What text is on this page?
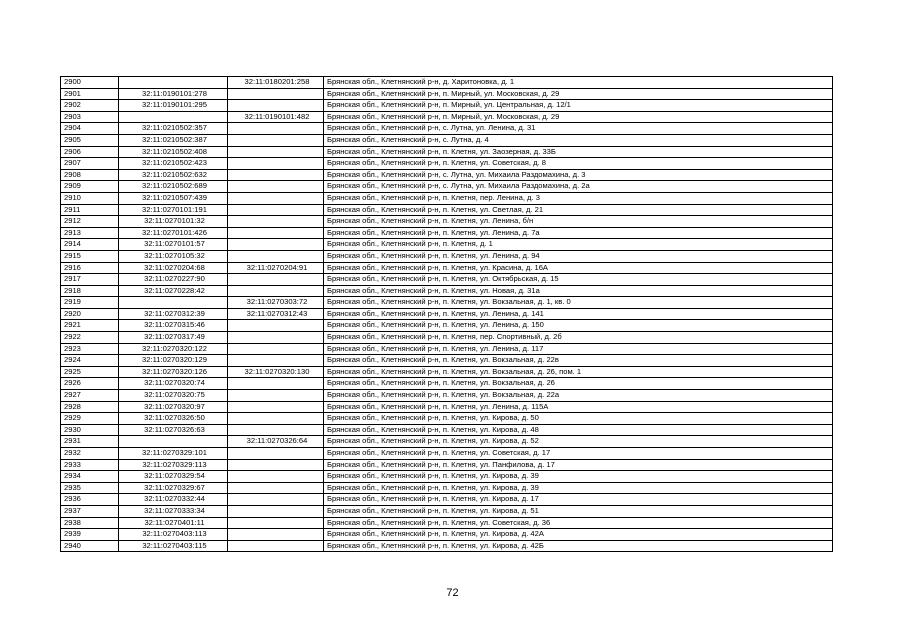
2900		32:11:0180201:258	Брянская обл., Клетнянский р-н, д. Харитоновка, д. 1
2901	32:11:0190101:278		Брянская обл., Клетнянский р-н, п. Мирный, ул. Московская, д. 29
2902	32:11:0190101:295		Брянская обл., Клетнянский р-н, п. Мирный, ул. Центральная, д. 12/1
2903		32:11:0190101:482	Брянская обл., Клетнянский р-н, п. Мирный, ул. Московская, д. 29
2904	32:11:0210502:357		Брянская обл., Клетнянский р-н, с. Лутна, ул. Ленина, д. 31
2905	32:11:0210502:387		Брянская обл., Клетнянский р-н, с. Лутна, д. 4
2906	32:11:0210502:408		Брянская обл., Клетнянский р-н, п. Клетня, ул. Заозерная, д. 33Б
2907	32:11:0210502:423		Брянская обл., Клетнянский р-н, п. Клетня, ул. Советская, д. 8
2908	32:11:0210502:632		Брянская обл., Клетнянский р-н, с. Лутна, ул. Михаила Раздомахина, д. 3
2909	32:11:0210502:689		Брянская обл., Клетнянский р-н, с. Лутна, ул. Михаила Раздомахина, д. 2а
2910	32:11:0210507:439		Брянская обл., Клетнянский р-н, п. Клетня, пер. Ленина, д. 3
2911	32:11:0270101:191		Брянская обл., Клетнянский р-н, п. Клетня, ул. Светлая, д. 21
2912	32:11:0270101:32		Брянская обл., Клетнянский р-н, п. Клетня, ул. Ленина, б/н
2913	32:11:0270101:426		Брянская обл., Клетнянский р-н, п. Клетня, ул. Ленина, д. 7а
2914	32:11:0270101:57		Брянская обл., Клетнянский р-н, п. Клетня, д. 1
2915	32:11:0270105:32		Брянская обл., Клетнянский р-н, п. Клетня, ул. Ленина, д. 94
2916	32:11:0270204:68	32:11:0270204:91	Брянская обл., Клетнянский р-н, п. Клетня, ул. Красина, д. 16А
2917	32:11:0270227:90		Брянская обл., Клетнянский р-н, п. Клетня, ул. Октябрьская, д. 15
2918	32:11:0270228:42		Брянская обл., Клетнянский р-н, п. Клетня, ул. Новая, д. 31а
2919		32:11:0270303:72	Брянская обл., Клетнянский р-н, п. Клетня, ул. Вокзальная, д. 1, кв. 0
2920	32:11:0270312:39	32:11:0270312:43	Брянская обл., Клетнянский р-н, п. Клетня, ул. Ленина, д. 141
2921	32:11:0270315:46		Брянская обл., Клетнянский р-н, п. Клетня, ул. Ленина, д. 150
2922	32:11:0270317:49		Брянская обл., Клетнянский р-н, п. Клетня, пер. Спортивный, д. 2б
2923	32:11:0270320:122		Брянская обл., Клетнянский р-н, п. Клетня, ул. Ленина, д. 117
2924	32:11:0270320:129		Брянская обл., Клетнянский р-н, п. Клетня, ул. Вокзальная, д. 22в
2925	32:11:0270320:126	32:11:0270320:130	Брянская обл., Клетнянский р-н, п. Клетня, ул. Вокзальная, д. 26, пом. 1
2926	32:11:0270320:74		Брянская обл., Клетнянский р-н, п. Клетня, ул. Вокзальная, д. 26
2927	32:11:0270320:75		Брянская обл., Клетнянский р-н, п. Клетня, ул. Вокзальная, д. 22а
2928	32:11:0270320:97		Брянская обл., Клетнянский р-н, п. Клетня, ул. Ленина, д. 115А
2929	32:11:0270326:50		Брянская обл., Клетнянский р-н, п. Клетня, ул. Кирова, д. 50
2930	32:11:0270326:63		Брянская обл., Клетнянский р-н, п. Клетня, ул. Кирова, д. 48
2931		32:11:0270326:64	Брянская обл., Клетнянский р-н, п. Клетня, ул. Кирова, д. 52
2932	32:11:0270329:101		Брянская обл., Клетнянский р-н, п. Клетня, ул. Советская, д. 17
2933	32:11:0270329:113		Брянская обл., Клетнянский р-н, п. Клетня, ул. Панфилова, д. 17
2934	32:11:0270329:54		Брянская обл., Клетнянский р-н, п. Клетня, ул. Кирова, д. 39
2935	32:11:0270329:67		Брянская обл., Клетнянский р-н, п. Клетня, ул. Кирова, д. 39
2936	32:11:0270332:44		Брянская обл., Клетнянский р-н, п. Клетня, ул. Кирова, д. 17
2937	32:11:0270333:34		Брянская обл., Клетнянский р-н, п. Клетня, ул. Кирова, д. 51
2938	32:11:0270401:11		Брянская обл., Клетнянский р-н, п. Клетня, ул. Советская, д. 36
2939	32:11:0270403:113		Брянская обл., Клетнянский р-н, п. Клетня, ул. Кирова, д. 42А
2940	32:11:0270403:115		Брянская обл., Клетнянский р-н, п. Клетня, ул. Кирова, д. 42Б
72
